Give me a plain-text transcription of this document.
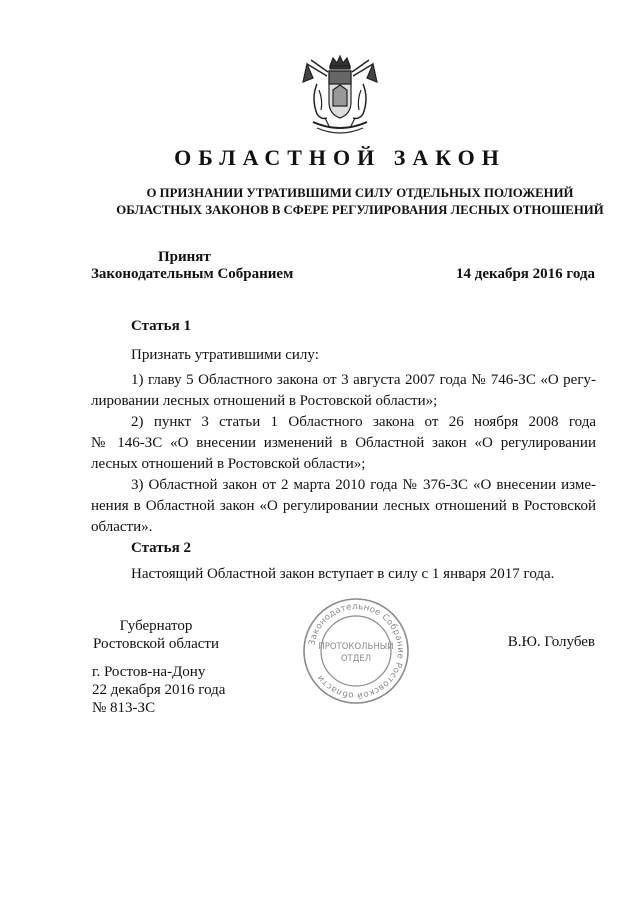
ОБЛАСТНОЙ ЗАКОН
О ПРИЗНАНИИ УТРАТИВШИМИ СИЛУ ОТДЕЛЬНЫХ ПОЛОЖЕНИЙ
ОБЛАСТНЫХ ЗАКОНОВ В СФЕРЕ РЕГУЛИРОВАНИЯ ЛЕСНЫХ ОТНОШЕНИЙ
Принят
Законодательным Собранием	14 декабря 2016 года
Статья 1
Признать утратившими силу:
1) главу 5 Областного закона от 3 августа 2007 года № 746-ЗС «О регу-
лировании лесных отношений в Ростовской области»;
2) пункт 3 статьи 1 Областного закона от 26 ноября 2008 года
№ 146-ЗС «О внесении изменений в Областной закон «О регулировании
лесных отношений в Ростовской области»;
3) Областной закон от 2 марта 2010 года № 376-ЗС «О внесении изме-
нения в Областной закон «О регулировании лесных отношений в Ростовской
области».
Статья 2
Настоящий Областной закон вступает в силу с 1 января 2017 года.
Губернатор
Ростовской области	Законодательное Собрание Ростовской области
ПРОТОКОЛЬНЫЙ
ОТДЕЛ
В.Ю. Голубев
г. Ростов-на-Дону
22 декабря 2016 года
№ 813-ЗС
